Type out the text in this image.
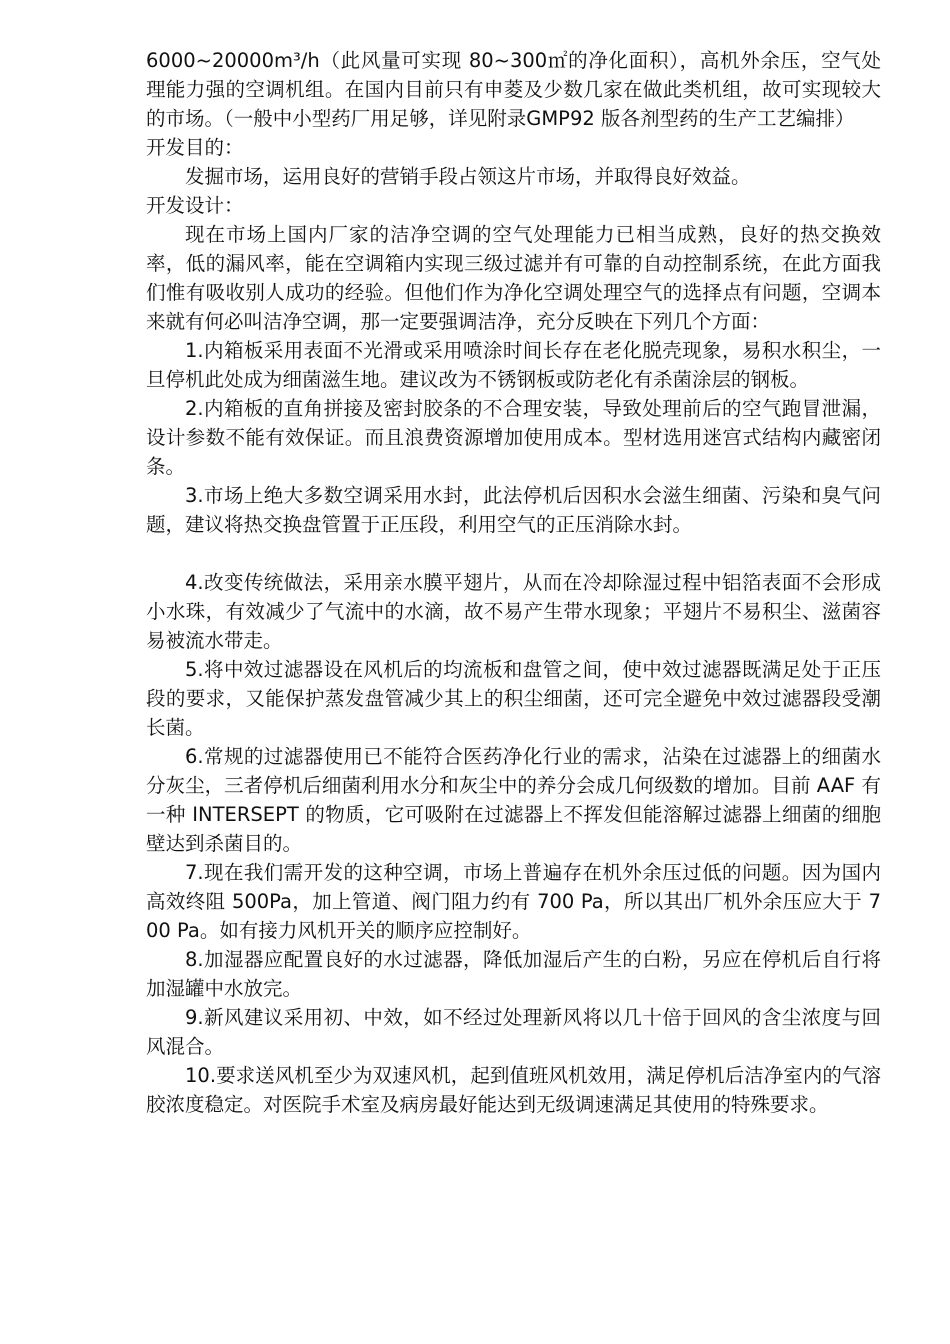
6000~20000m³/h（此风量可实现 80~300㎡的净化面积），高机外余压，空气处理能力强的空调机组。在国内目前只有申菱及少数几家在做此类机组，故可实现较大的市场。（一般中小型药厂用足够，详见附录GMP92 版各剂型药的生产工艺编排）

开发目的：

发掘市场，运用良好的营销手段占领这片市场，并取得良好效益。

开发设计：

现在市场上国内厂家的洁净空调的空气处理能力已相当成熟，良好的热交换效率，低的漏风率，能在空调箱内实现三级过滤并有可靠的自动控制系统，在此方面我们惟有吸收别人成功的经验。但他们作为净化空调处理空气的选择点有问题，空调本来就有何必叫洁净空调，那一定要强调洁净，充分反映在下列几个方面：

1.内箱板采用表面不光滑或采用喷涂时间长存在老化脱壳现象，易积水积尘，一旦停机此处成为细菌滋生地。建议改为不锈钢板或防老化有杀菌涂层的钢板。

2.内箱板的直角拼接及密封胶条的不合理安装，导致处理前后的空气跑冒泄漏，设计参数不能有效保证。而且浪费资源增加使用成本。型材选用迷宫式结构内藏密闭条。

3.市场上绝大多数空调采用水封，此法停机后因积水会滋生细菌、污染和臭气问题，建议将热交换盘管置于正压段，利用空气的正压消除水封。

4.改变传统做法，采用亲水膜平翅片，从而在冷却除湿过程中铝箔表面不会形成小水珠，有效减少了气流中的水滴，故不易产生带水现象；平翅片不易积尘、滋菌容易被流水带走。

5.将中效过滤器设在风机后的均流板和盘管之间，使中效过滤器既满足处于正压段的要求，又能保护蒸发盘管减少其上的积尘细菌，还可完全避免中效过滤器段受潮长菌。

6.常规的过滤器使用已不能符合医药净化行业的需求，沾染在过滤器上的细菌水分灰尘，三者停机后细菌利用水分和灰尘中的养分会成几何级数的增加。目前 AAF 有一种 INTERSEPT 的物质，它可吸附在过滤器上不挥发但能溶解过滤器上细菌的细胞壁达到杀菌目的。

7.现在我们需开发的这种空调，市场上普遍存在机外余压过低的问题。因为国内高效终阻 500Pa，加上管道、阀门阻力约有 700 Pa，所以其出厂机外余压应大于 700 Pa。如有接力风机开关的顺序应控制好。

8.加湿器应配置良好的水过滤器，降低加湿后产生的白粉，另应在停机后自行将加湿罐中水放完。

9.新风建议采用初、中效，如不经过处理新风将以几十倍于回风的含尘浓度与回风混合。

10.要求送风机至少为双速风机，起到值班风机效用，满足停机后洁净室内的气溶胶浓度稳定。对医院手术室及病房最好能达到无级调速满足其使用的特殊要求。
